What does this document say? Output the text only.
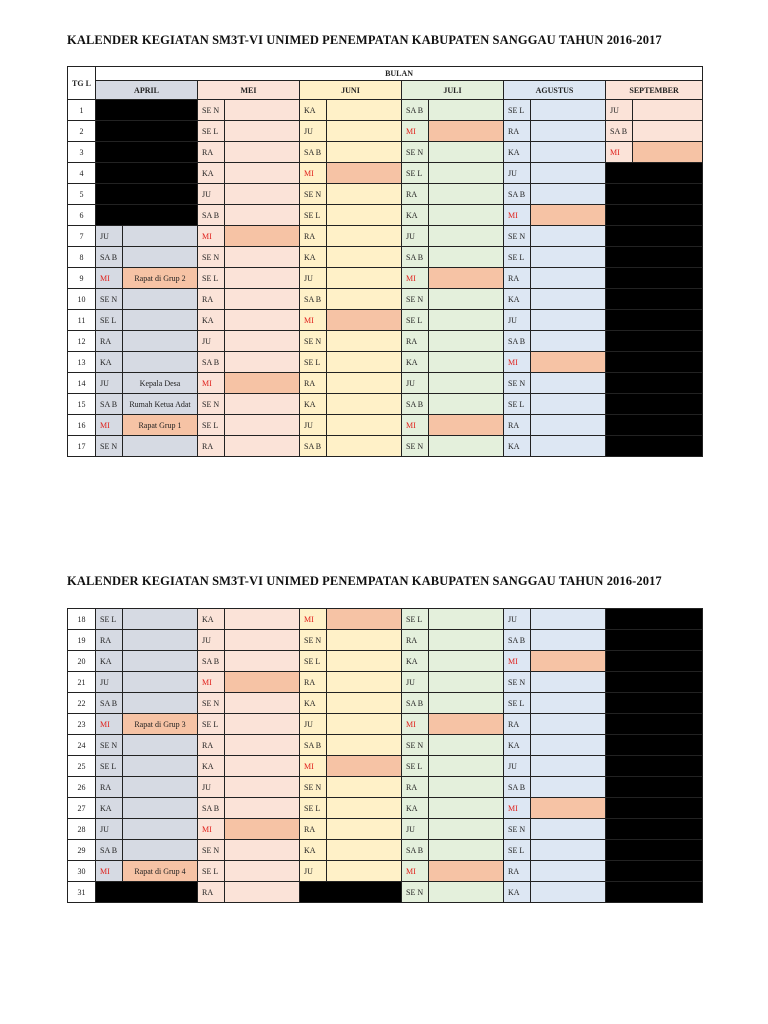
KALENDER KEGIATAN SM3T-VI UNIMED PENEMPATAN KABUPATEN SANGGAU TAHUN 2016-2017
TG L	BULAN											
	APRIL		MEI		JUNI		JULI		AGUSTUS		SEPTEMBER	
1			SE N		KA		SA B		SE L		JU	
2			SE L		JU		MI		RA		SA B	
3			RA		SA B		SE N		KA		MI	
4			KA		MI		SE L		JU			
5			JU		SE N		RA		SA B			
6			SA B		SE L		KA		MI			
7	JU		MI		RA		JU		SE N			
8	SA B		SE N		KA		SA B		SE L			
9	MI	Rapat di Grup 2	SE L		JU		MI		RA			
10	SE N		RA		SA B		SE N		KA			
11	SE L		KA		MI		SE L		JU			
12	RA		JU		SE N		RA		SA B			
13	KA		SA B		SE L		KA		MI			
14	JU	Kepala Desa	MI		RA		JU		SE N			
15	SA B	Rumah Ketua Adat	SE N		KA		SA B		SE L			
16	MI	Rapat Grup 1	SE L		JU		MI		RA			
17	SE N		RA		SA B		SE N		KA			
KALENDER KEGIATAN SM3T-VI UNIMED PENEMPATAN KABUPATEN SANGGAU TAHUN 2016-2017
18	SE L		KA		MI		SE L		JU		
19	RA		JU		SE N		RA		SA B		
20	KA		SA B		SE L		KA		MI		
21	JU		MI		RA		JU		SE N		
22	SA B		SE N		KA		SA B		SE L		
23	MI	Rapat di Grup 3	SE L		JU		MI		RA		
24	SE N		RA		SA B		SE N		KA		
25	SE L		KA		MI		SE L		JU		
26	RA		JU		SE N		RA		SA B		
27	KA		SA B		SE L		KA		MI		
28	JU		MI		RA		JU		SE N		
29	SA B		SE N		KA		SA B		SE L		
30	MI	Rapat di Grup 4	SE L		JU		MI		RA		
31			RA				SE N		KA		
